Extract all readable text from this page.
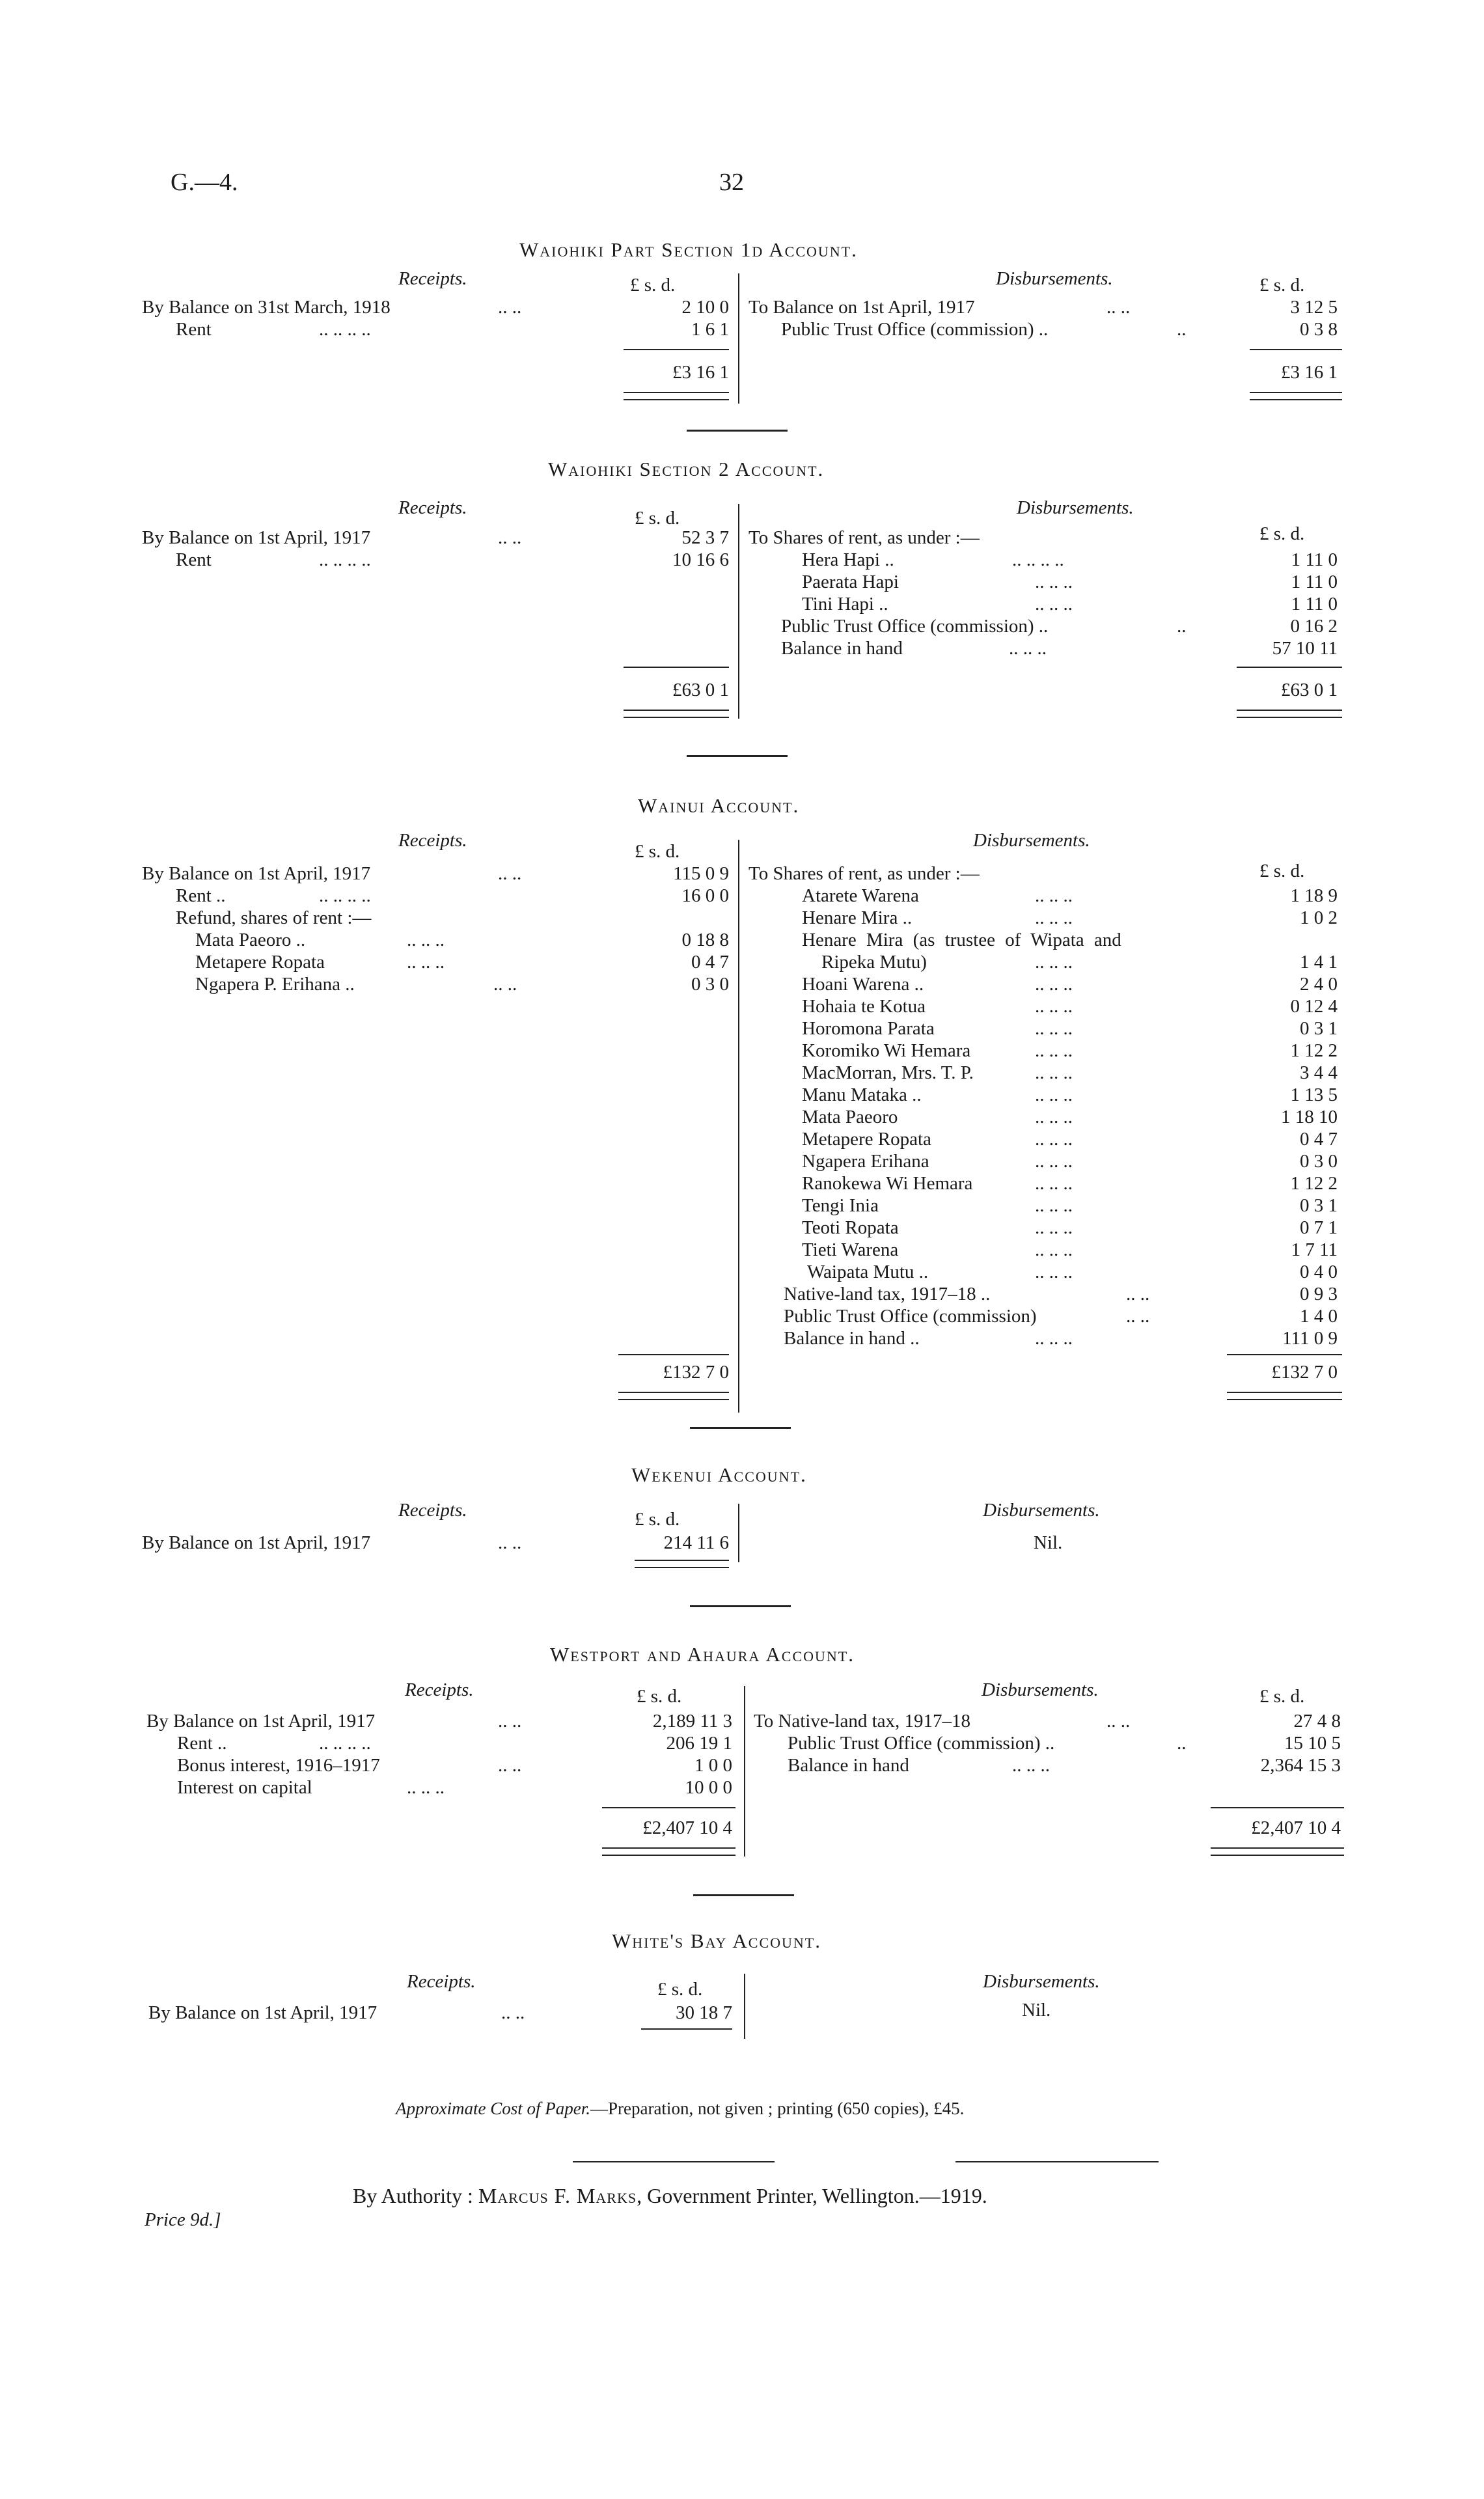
G.—4.	32
Waiohiki Part Section 1d Account.
Receipts.	£ s. d.	Disbursements.	£ s. d.
By Balance on 31st March, 1918	.. ..	2 10 0
Rent	.. .. .. ..	1 6 1
£3 16 1
To Balance on 1st April, 1917	.. ..	3 12 5
Public Trust Office (commission) ..	..	0 3 8
£3 16 1
Waiohiki Section 2 Account.
Receipts.	£ s. d.	Disbursements.
£ s. d.
By Balance on 1st April, 1917	.. ..	52 3 7
Rent	.. .. .. ..	10 16 6
To Shares of rent, as under :—
Hera Hapi ..	.. .. .. ..	1 11 0
Paerata Hapi	.. .. ..	1 11 0
Tini Hapi ..	.. .. ..	1 11 0
Public Trust Office (commission) ..	..	0 16 2
Balance in hand	.. .. ..	57 10 11
£63 0 1	£63 0 1
Wainui Account.
Receipts.
£ s. d.
Disbursements.
£ s. d.
By Balance on 1st April, 1917	.. ..	115 0 9
Rent ..	.. .. .. ..	16 0 0
Refund, shares of rent :—
Mata Paeoro ..	.. .. ..	0 18 8
Metapere Ropata	.. .. ..	0 4 7
Ngapera P. Erihana ..	.. ..	0 3 0
To Shares of rent, as under :—
Atarete Warena	.. .. ..	1 18 9
Henare Mira ..	.. .. ..	1 0 2
Henare Mira (as trustee of Wipata and
Ripeka Mutu)	.. .. ..	1 4 1
Hoani Warena ..	.. .. ..	2 4 0
Hohaia te Kotua	.. .. ..	0 12 4
Horomona Parata	.. .. ..	0 3 1
Koromiko Wi Hemara	.. .. ..	1 12 2
MacMorran, Mrs. T. P.	.. .. ..	3 4 4
Manu Mataka ..	.. .. ..	1 13 5
Mata Paeoro	.. .. ..	1 18 10
Metapere Ropata	.. .. ..	0 4 7
Ngapera Erihana	.. .. ..	0 3 0
Ranokewa Wi Hemara	.. .. ..	1 12 2
Tengi Inia	.. .. ..	0 3 1
Teoti Ropata	.. .. ..	0 7 1
Tieti Warena	.. .. ..	1 7 11
Waipata Mutu ..	.. .. ..	0 4 0
Native-land tax, 1917–18 ..	.. ..	0 9 3
Public Trust Office (commission)	.. ..	1 4 0
Balance in hand ..	.. .. ..	111 0 9
£132 7 0	£132 7 0
Wekenui Account.
Receipts.	£ s. d.	Disbursements.
By Balance on 1st April, 1917	.. ..	214 11 6	Nil.
Westport and Ahaura Account.
Receipts.	£ s. d.	Disbursements.	£ s. d.
By Balance on 1st April, 1917	.. ..	2,189 11 3
Rent ..	.. .. .. ..	206 19 1
Bonus interest, 1916–1917	.. ..	1 0 0
Interest on capital	.. .. ..	10 0 0
To Native-land tax, 1917–18	.. ..	27 4 8
Public Trust Office (commission) ..	..	15 10 5
Balance in hand	.. .. ..	2,364 15 3
£2,407 10 4	£2,407 10 4
White's Bay Account.
Receipts.	£ s. d.	Disbursements.
By Balance on 1st April, 1917	.. ..	30 18 7	Nil.
Approximate Cost of Paper.—Preparation, not given ; printing (650 copies), £45.
By Authority : Marcus F. Marks, Government Printer, Wellington.—1919.
Price 9d.]
